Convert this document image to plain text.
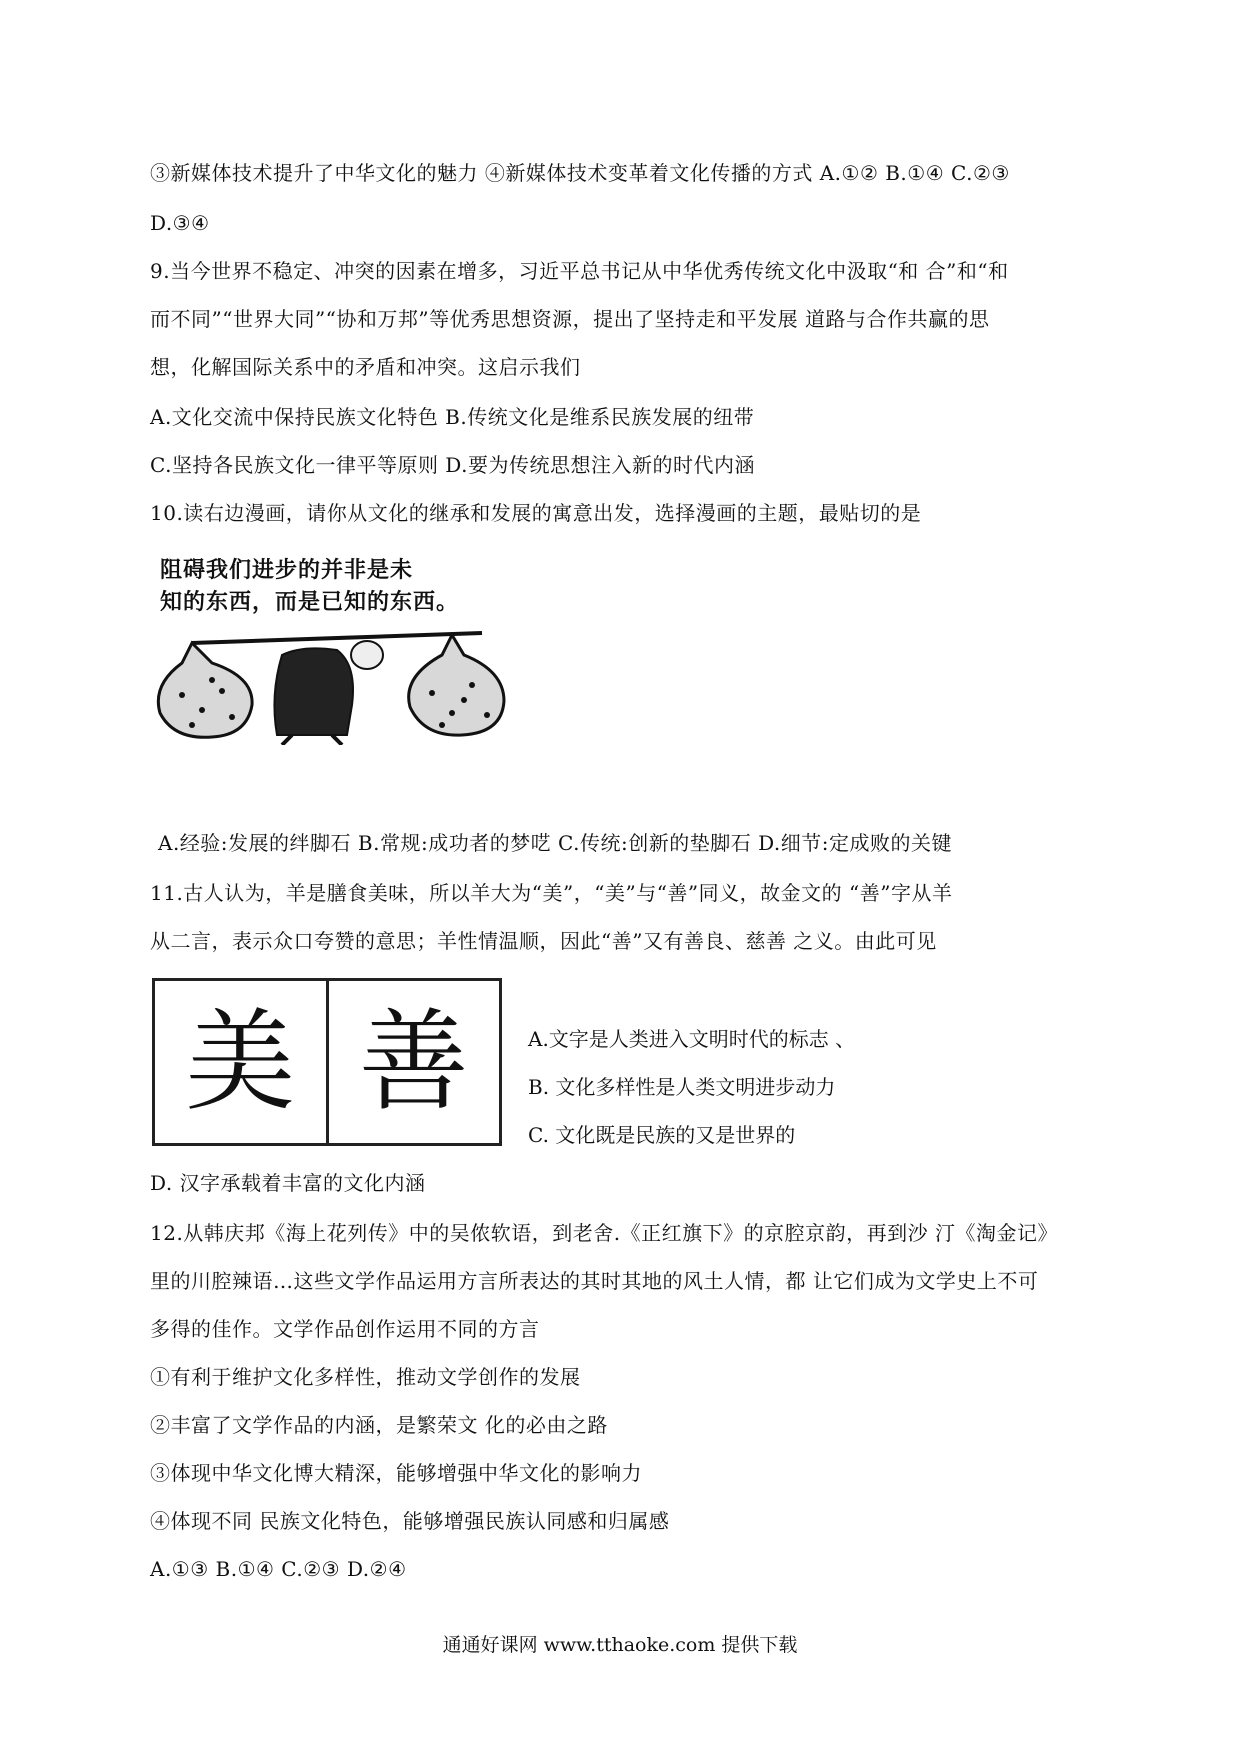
③新媒体技术提升了中华文化的魅力 ④新媒体技术变革着文化传播的方式 A.①② B.①④ C.②③
D.③④
9.当今世界不稳定、冲突的因素在增多，习近平总书记从中华优秀传统文化中汲取“和 合”和“和
而不同”“世界大同”“协和万邦”等优秀思想资源，提出了坚持走和平发展 道路与合作共赢的思
想，化解国际关系中的矛盾和冲突。这启示我们
A.文化交流中保持民族文化特色 B.传统文化是维系民族发展的纽带
C.坚持各民族文化一律平等原则 D.要为传统思想注入新的时代内涵
10.读右边漫画，请你从文化的继承和发展的寓意出发，选择漫画的主题，最贴切的是
阻碍我们进步的并非是未
知的东西，而是已知的东西。
A.经验:发展的绊脚石 B.常规:成功者的梦呓 C.传统:创新的垫脚石 D.细节:定成败的关键
11.古人认为，羊是膳食美味，所以羊大为“美”，“美”与“善”同义，故金文的 “善”字从羊
从二言，表示众口夸赞的意思；羊性情温顺，因此“善”又有善良、慈善 之义。由此可见
美 善	A.文字是人类进入文明时代的标志 、
B. 文化多样性是人类文明进步动力
C. 文化既是民族的又是世界的
D. 汉字承载着丰富的文化内涵
12.从韩庆邦《海上花列传》中的吴侬软语，到老舍.《正红旗下》的京腔京韵，再到沙 汀《淘金记》
里的川腔辣语…这些文学作品运用方言所表达的其时其地的风土人情，都 让它们成为文学史上不可
多得的佳作。文学作品创作运用不同的方言
①有利于维护文化多样性，推动文学创作的发展
②丰富了文学作品的内涵，是繁荣文 化的必由之路
③体现中华文化博大精深，能够增强中华文化的影响力
④体现不同 民族文化特色，能够增强民族认同感和归属感
A.①③ B.①④ C.②③ D.②④
通通好课网 www.tthaoke.com 提供下载
